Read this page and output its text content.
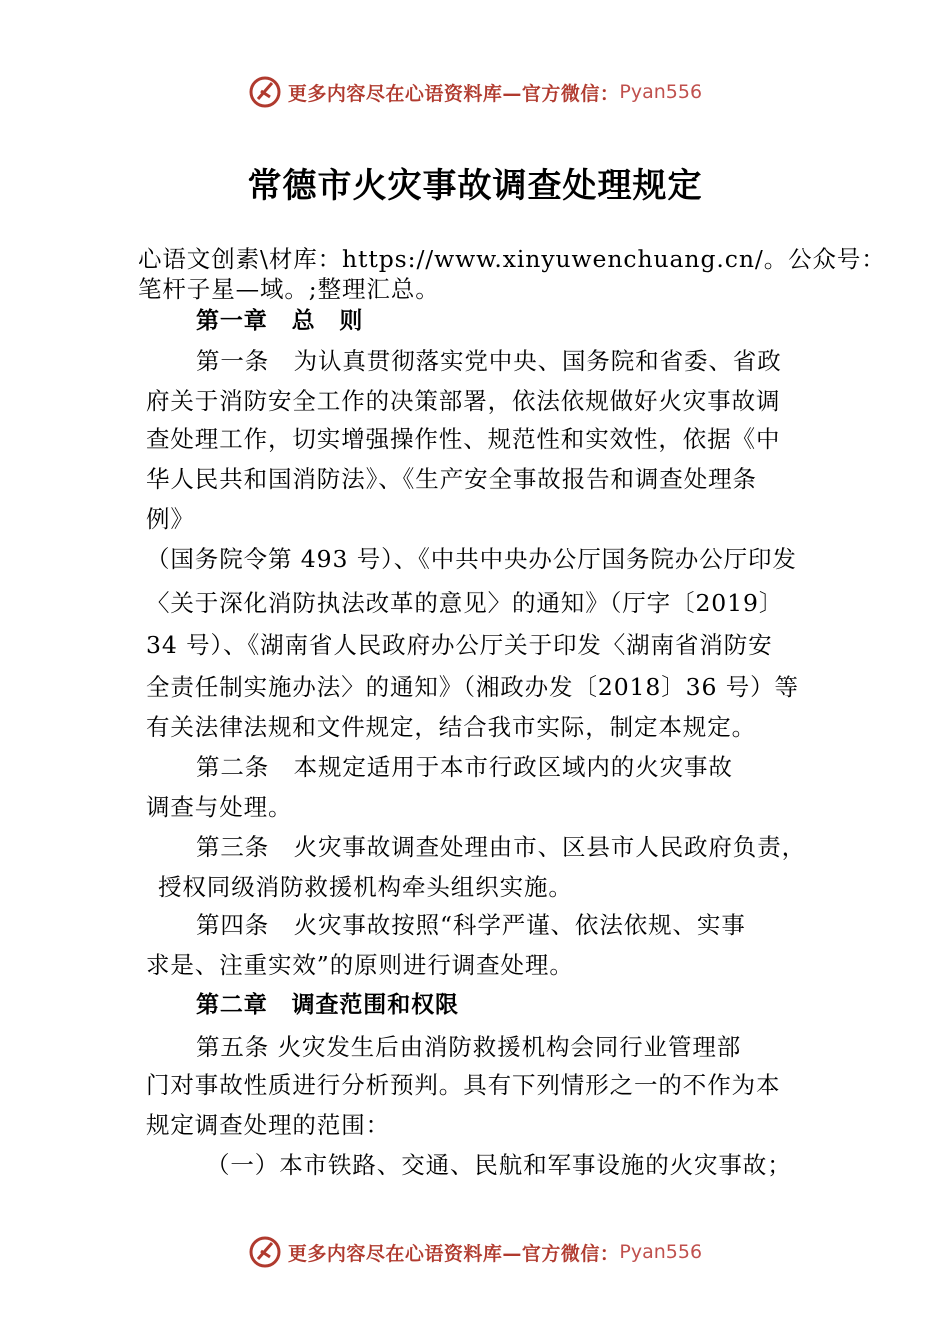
更多内容尽在心语资料库—官方微信： Pyan556
常德市火灾事故调查处理规定
心语文创素\材库：https://www.xinyuwenchuang.cn/。公众号：
笔杆子星—域。;整理汇总。
第一章　总　则
第一条　为认真贯彻落实党中央、国务院和省委、省政
府关于消防安全工作的决策部署，依法依规做好火灾事故调
查处理工作，切实增强操作性、规范性和实效性，依据《中
华人民共和国消防法》、《生产安全事故报告和调查处理条
例》
（国务院令第 493 号）、《中共中央办公厅国务院办公厅印发
〈关于深化消防执法改革的意见〉的通知》（厅字〔2019〕
34 号）、《湖南省人民政府办公厅关于印发〈湖南省消防安
全责任制实施办法〉的通知》（湘政办发〔2018〕36 号）等
有关法律法规和文件规定，结合我市实际，制定本规定。
第二条　本规定适用于本市行政区域内的火灾事故
调查与处理。
第三条　火灾事故调查处理由市、区县市人民政府负责，
授权同级消防救援机构牵头组织实施。
第四条　火灾事故按照“科学严谨、依法依规、实事
求是、注重实效”的原则进行调查处理。
第二章　调查范围和权限
第五条 火灾发生后由消防救援机构会同行业管理部
门对事故性质进行分析预判。具有下列情形之一的不作为本
规定调查处理的范围：
（一）本市铁路、交通、民航和军事设施的火灾事故；
更多内容尽在心语资料库—官方微信： Pyan556
